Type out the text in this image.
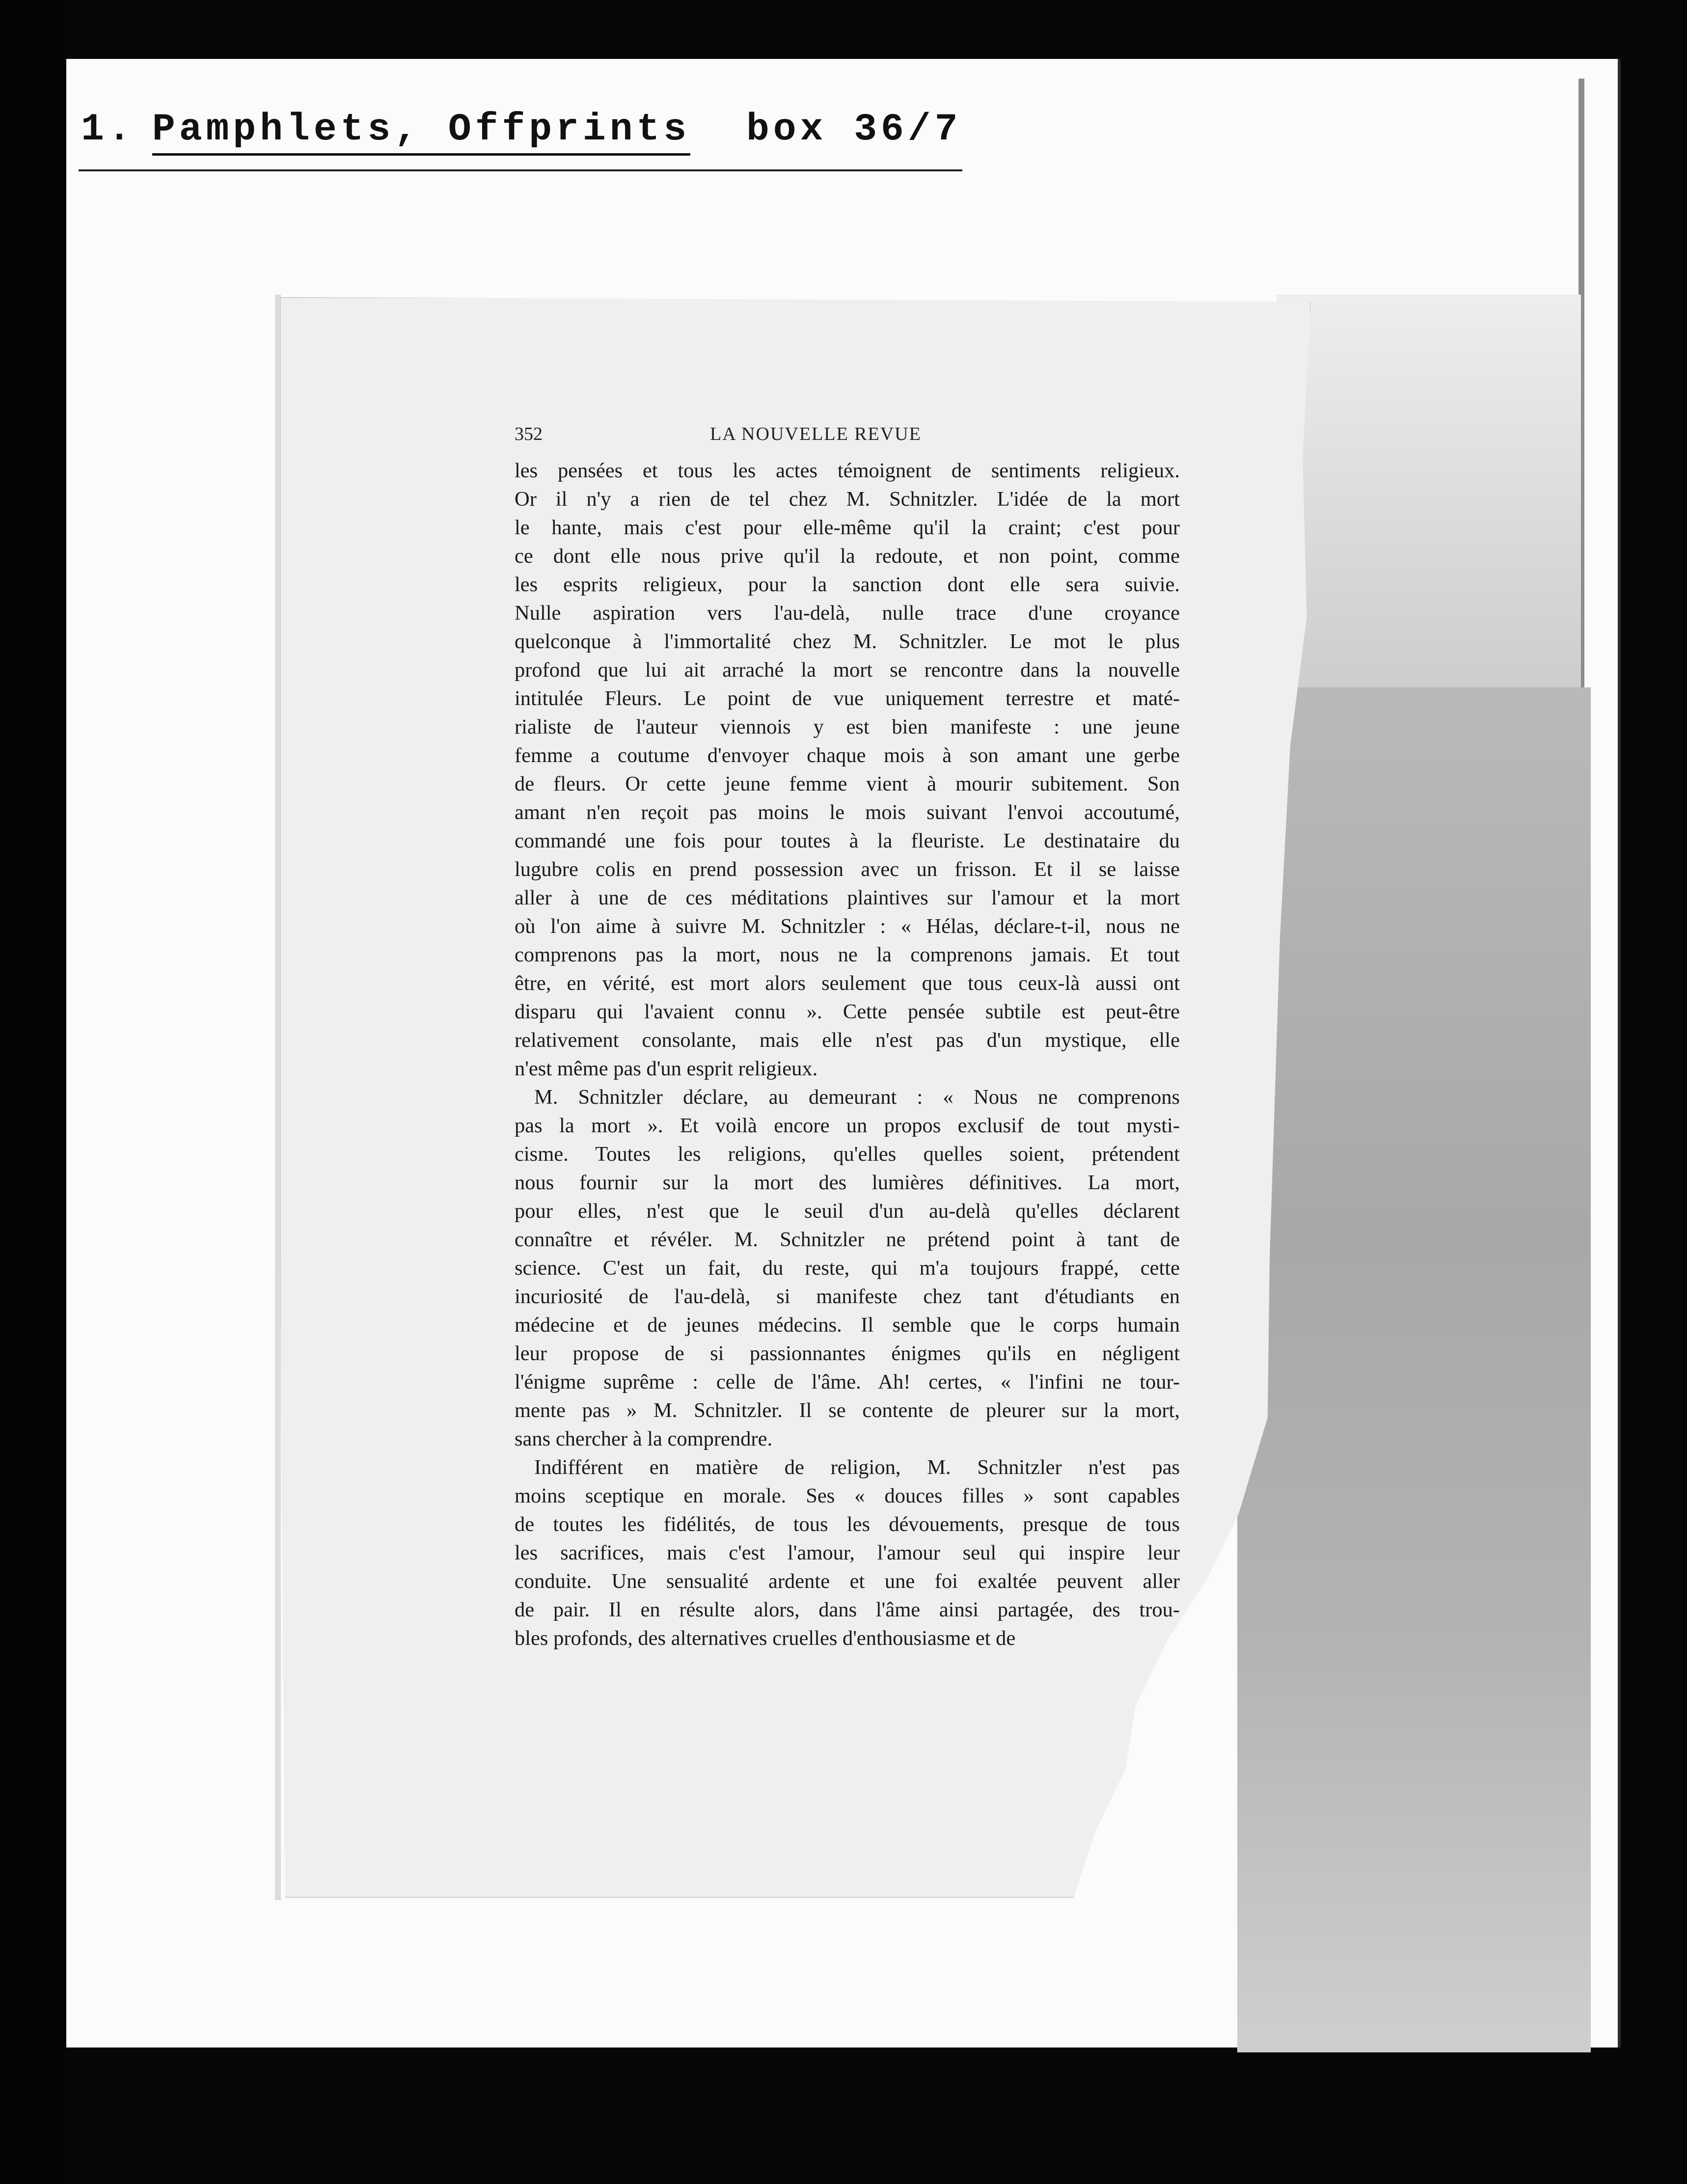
1. Pamphlets, Offprints box 36/7
352	LA NOUVELLE REVUE
les pensées et tous les actes témoignent de sentiments religieux.
Or il n'y a rien de tel chez M. Schnitzler. L'idée de la mort
le hante, mais c'est pour elle-même qu'il la craint; c'est pour
ce dont elle nous prive qu'il la redoute, et non point, comme
les esprits religieux, pour la sanction dont elle sera suivie.
Nulle aspiration vers l'au-delà, nulle trace d'une croyance
quelconque à l'immortalité chez M. Schnitzler. Le mot le plus
profond que lui ait arraché la mort se rencontre dans la nouvelle
intitulée Fleurs. Le point de vue uniquement terrestre et maté-
rialiste de l'auteur viennois y est bien manifeste : une jeune
femme a coutume d'envoyer chaque mois à son amant une gerbe
de fleurs. Or cette jeune femme vient à mourir subitement. Son
amant n'en reçoit pas moins le mois suivant l'envoi accoutumé,
commandé une fois pour toutes à la fleuriste. Le destinataire du
lugubre colis en prend possession avec un frisson. Et il se laisse
aller à une de ces méditations plaintives sur l'amour et la mort
où l'on aime à suivre M. Schnitzler : « Hélas, déclare-t-il, nous ne
comprenons pas la mort, nous ne la comprenons jamais. Et tout
être, en vérité, est mort alors seulement que tous ceux-là aussi ont
disparu qui l'avaient connu ». Cette pensée subtile est peut-être
relativement consolante, mais elle n'est pas d'un mystique, elle
n'est même pas d'un esprit religieux.
M. Schnitzler déclare, au demeurant : « Nous ne comprenons
pas la mort ». Et voilà encore un propos exclusif de tout mysti-
cisme. Toutes les religions, qu'elles quelles soient, prétendent
nous fournir sur la mort des lumières définitives. La mort,
pour elles, n'est que le seuil d'un au-delà qu'elles déclarent
connaître et révéler. M. Schnitzler ne prétend point à tant de
science. C'est un fait, du reste, qui m'a toujours frappé, cette
incuriosité de l'au-delà, si manifeste chez tant d'étudiants en
médecine et de jeunes médecins. Il semble que le corps humain
leur propose de si passionnantes énigmes qu'ils en négligent
l'énigme suprême : celle de l'âme. Ah! certes, « l'infini ne tour-
mente pas » M. Schnitzler. Il se contente de pleurer sur la mort,
sans chercher à la comprendre.
Indifférent en matière de religion, M. Schnitzler n'est pas
moins sceptique en morale. Ses « douces filles » sont capables
de toutes les fidélités, de tous les dévouements, presque de tous
les sacrifices, mais c'est l'amour, l'amour seul qui inspire leur
conduite. Une sensualité ardente et une foi exaltée peuvent aller
de pair. Il en résulte alors, dans l'âme ainsi partagée, des trou-
bles profonds, des alternatives cruelles d'enthousiasme et de
